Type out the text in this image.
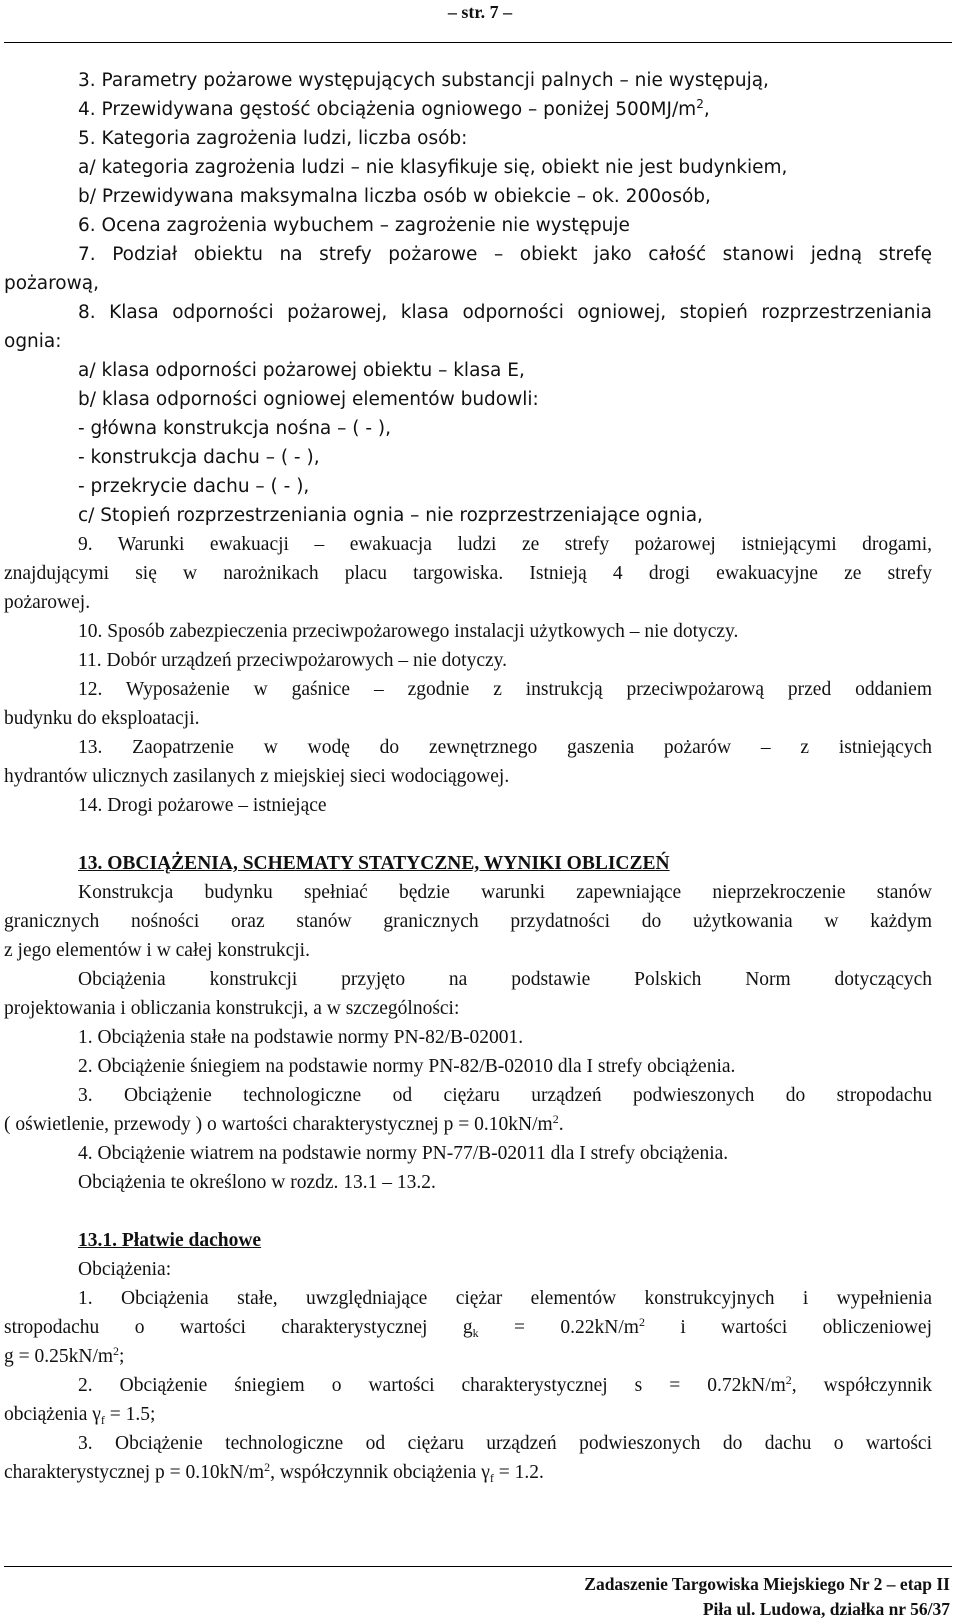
– str. 7 –

3. Parametry pożarowe występujących substancji palnych – nie występują,

4. Przewidywana gęstość obciążenia ogniowego – poniżej $500MJ/m^2$,

5. Kategoria zagrożenia ludzi, liczba osób:

a/ kategoria zagrożenia ludzi – nie klasyfikuje się, obiekt nie jest budynkiem,

b/ Przewidywana maksymalna liczba osób w obiekcie – ok. 200osób,

6. Ocena zagrożenia wybuchem – zagrożenie nie występuje

7. Podział obiektu na strefy pożarowe – obiekt jako całość stanowi jedną strefę

pożarową,

8. Klasa odporności pożarowej, klasa odporności ogniowej, stopień rozprzestrzeniania

ognia:

a/ klasa odporności pożarowej obiektu – klasa E,

b/ klasa odporności ogniowej elementów budowli:

- główna konstrukcja nośna – ( - ),

- konstrukcja dachu – ( - ),

- przekrycie dachu – ( - ),

c/ Stopień rozprzestrzeniania ognia – nie rozprzestrzeniające ognia,

9. Warunki ewakuacji – ewakuacja ludzi ze strefy pożarowej istniejącymi drogami,

znajdującymi się w narożnikach placu targowiska. Istnieją 4 drogi ewakuacyjne ze strefy

pożarowej.

10. Sposób zabezpieczenia przeciwpożarowego instalacji użytkowych – nie dotyczy.

11. Dobór urządzeń przeciwpożarowych – nie dotyczy.

12. Wyposażenie w gaśnice – zgodnie z instrukcją przeciwpożarową przed oddaniem

budynku do eksploatacji.

13. Zaopatrzenie w wodę do zewnętrznego gaszenia pożarów – z istniejących

hydrantów ulicznych zasilanych z miejskiej sieci wodociągowej.

14. Drogi pożarowe – istniejące

13. OBCIĄŻENIA, SCHEMATY STATYCZNE, WYNIKI OBLICZEŃ

Konstrukcja budynku spełniać będzie warunki zapewniające nieprzekroczenie stanów

granicznych nośności oraz stanów granicznych przydatności do użytkowania w każdym

z jego elementów i w całej konstrukcji.

Obciążenia konstrukcji przyjęto na podstawie Polskich Norm dotyczących

projektowania i obliczania konstrukcji, a w szczególności:

1. Obciążenia stałe na podstawie normy PN-82/B-02001.

2. Obciążenie śniegiem na podstawie normy PN-82/B-02010 dla I strefy obciążenia.

3. Obciążenie technologiczne od ciężaru urządzeń podwieszonych do stropodachu

( oświetlenie, przewody ) o wartości charakterystycznej $p = 0.10kN/m^2$.

4. Obciążenie wiatrem na podstawie normy PN-77/B-02011 dla I strefy obciążenia.

Obciążenia te określono w rozdz. 13.1 – 13.2.

13.1. Płatwie dachowe

Obciążenia:

1. Obciążenia stałe, uwzględniające ciężar elementów konstrukcyjnych i wypełnienia

stropodachu o wartości charakterystycznej $g_k = 0.22kN/m^2$ i wartości obliczeniowej

$g = 0.25kN/m^2$;

2. Obciążenie śniegiem o wartości charakterystycznej $s = 0.72kN/m^2$, współczynnik

obciążenia $\gamma_f = 1.5$;

3. Obciążenie technologiczne od ciężaru urządzeń podwieszonych do dachu o wartości

charakterystycznej $p = 0.10kN/m^2$, współczynnik obciążenia $\gamma_f = 1.2$.

Zadaszenie Targowiska Miejskiego Nr 2 – etap II
Piła ul. Ludowa, działka nr 56/37
